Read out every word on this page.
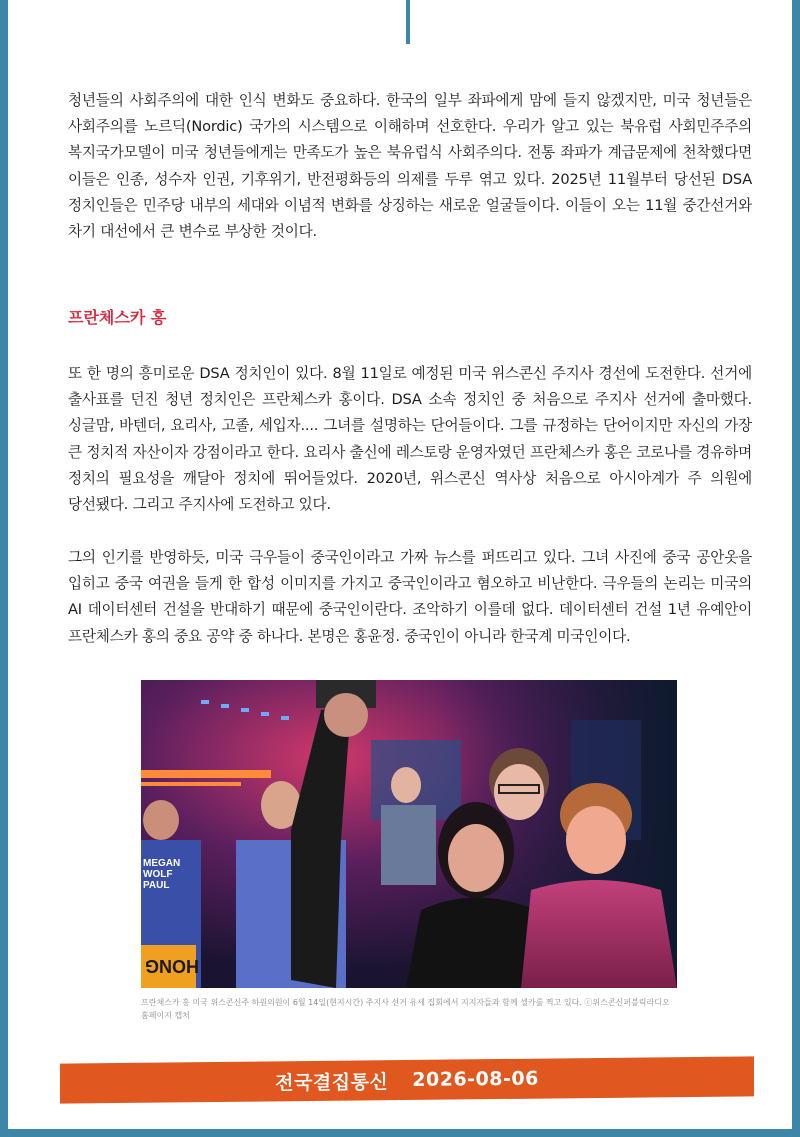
청년들의 사회주의에 대한 인식 변화도 중요하다. 한국의 일부 좌파에게 맘에 들지 않겠지만, 미국 청년들은 사회주의를 노르딕(Nordic) 국가의 시스템으로 이해하며 선호한다. 우리가 알고 있는 북유럽 사회민주주의 복지국가모델이 미국 청년들에게는 만족도가 높은 북유럽식 사회주의다. 전통 좌파가 계급문제에 천착했다면 이들은 인종, 성수자 인권, 기후위기, 반전평화등의 의제를 두루 엮고 있다. 2025년 11월부터 당선된 DSA 정치인들은 민주당 내부의 세대와 이념적 변화를 상징하는 새로운 얼굴들이다. 이들이 오는 11월 중간선거와 차기 대선에서 큰 변수로 부상한 것이다.

프란체스카 홍

또 한 명의 흥미로운 DSA 정치인이 있다. 8월 11일로 예정된 미국 위스콘신 주지사 경선에 도전한다. 선거에 출사표를 던진 청년 정치인은 프란체스카 홍이다. DSA 소속 정치인 중 처음으로 주지사 선거에 출마했다. 싱글맘, 바텐더, 요리사, 고졸, 세입자.... 그녀를 설명하는 단어들이다. 그를 규정하는 단어이지만 자신의 가장 큰 정치적 자산이자 강점이라고 한다. 요리사 출신에 레스토랑 운영자였던 프란체스카 홍은 코로나를 경유하며 정치의 필요성을 깨달아 정치에 뛰어들었다. 2020년, 위스콘신 역사상 처음으로 아시아계가 주 의원에 당선됐다. 그리고 주지사에 도전하고 있다.

그의 인기를 반영하듯, 미국 극우들이 중국인이라고 가짜 뉴스를 퍼뜨리고 있다. 그녀 사진에 중국 공안옷을 입히고 중국 여권을 들게 한 합성 이미지를 가지고 중국인이라고 혐오하고 비난한다. 극우들의 논리는 미국의 AI 데이터센터 건설을 반대하기 때문에 중국인이란다. 조악하기 이를데 없다. 데이터센터 건설 1년 유예안이 프란체스카 홍의 중요 공약 중 하나다. 본명은 홍윤정. 중국인이 아니라 한국계 미국인이다.

HONG
MEGAN
WOLF
PAUL

프란체스카 홍 미국 위스콘신주 하원의원이 6월 14일(현지시간) 주지사 선거 유세 집회에서 지지자들과 함께 셀카를 찍고 있다. ⓒ위스콘신퍼블릭라디오 홈페이지 캡처

전국결집통신 2026-08-06
